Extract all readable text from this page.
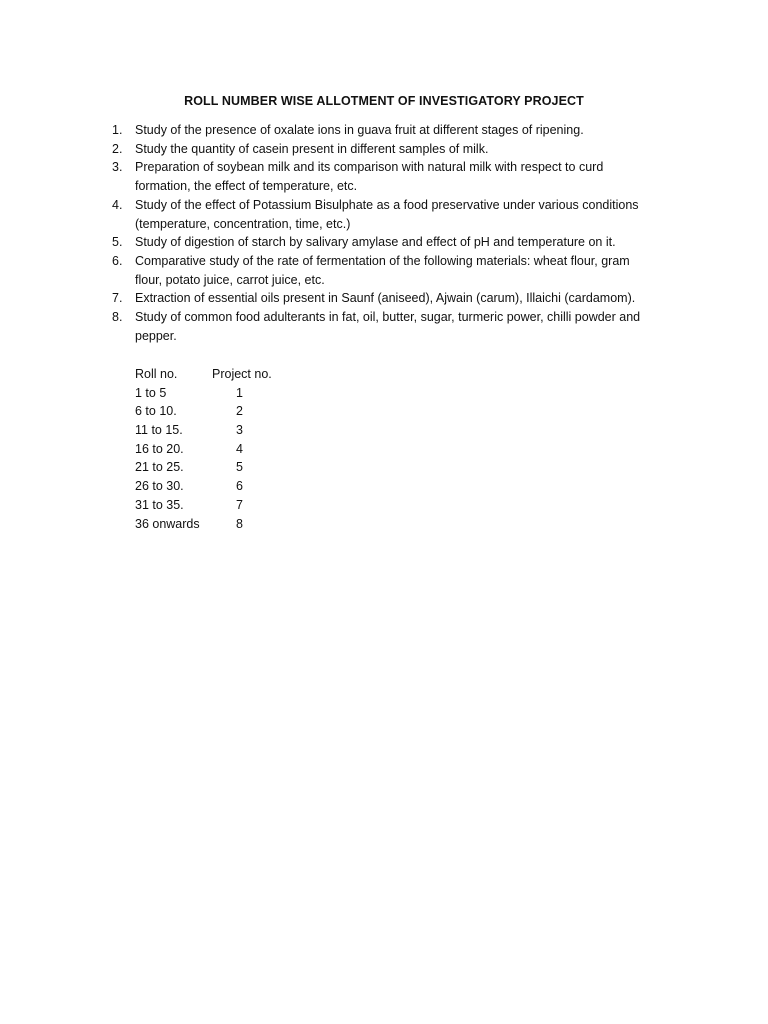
ROLL NUMBER WISE ALLOTMENT OF INVESTIGATORY PROJECT
1. Study of the presence of oxalate ions in guava fruit at different stages of ripening.
2. Study the quantity of casein present in different samples of milk.
3. Preparation of soybean milk and its comparison with natural milk with respect to curd
formation, the effect of temperature, etc.
4. Study of the effect of Potassium Bisulphate as a food preservative under various conditions
(temperature, concentration, time, etc.)
5. Study of digestion of starch by salivary amylase and effect of pH and temperature on it.
6. Comparative study of the rate of fermentation of the following materials: wheat flour, gram
flour, potato juice, carrot juice, etc.
7. Extraction of essential oils present in Saunf (aniseed), Ajwain (carum), Illaichi (cardamom).
8. Study of common food adulterants in fat, oil, butter, sugar, turmeric power, chilli powder and
pepper.
Roll no.	Project no.
1 to 5	1
6 to 10.	2
11 to 15.	3
16 to 20.	4
21 to 25.	5
26 to 30.	6
31 to 35.	7
36 onwards	8
